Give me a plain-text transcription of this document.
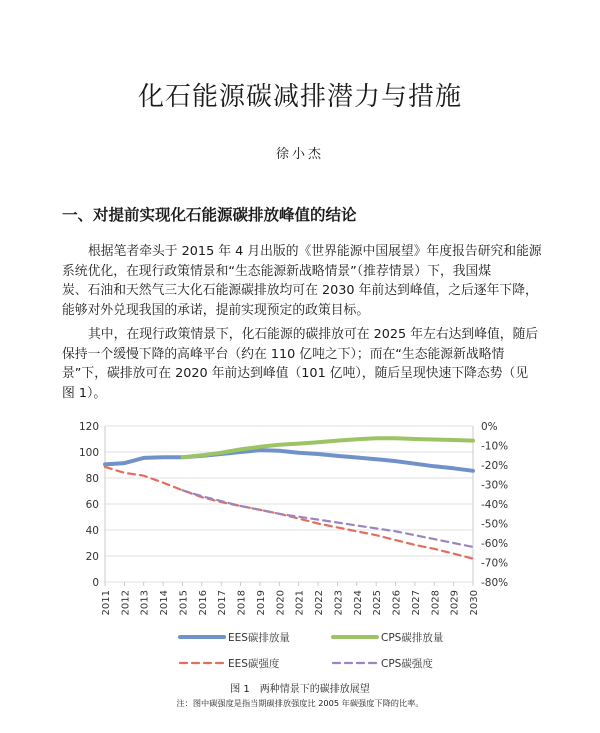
化石能源碳减排潜力与措施
徐小杰
一、对提前实现化石能源碳排放峰值的结论
根据笔者牵头于 2015 年 4 月出版的《世界能源中国展望》年度报告研究和能源
系统优化，在现行政策情景和“生态能源新战略情景”（推荐情景）下，我国煤
炭、石油和天然气三大化石能源碳排放均可在 2030 年前达到峰值，之后逐年下降，
能够对外兑现我国的承诺，提前实现预定的政策目标。
其中，在现行政策情景下，化石能源的碳排放可在 2025 年左右达到峰值，随后
保持一个缓慢下降的高峰平台（约在 110 亿吨之下）；而在“生态能源新战略情
景”下，碳排放可在 2020 年前达到峰值（101 亿吨），随后呈现快速下降态势（见
图 1）。
0
20
40
60
80
100
120	0%
-10%
-20%
-30%
-40%
-50%
-60%
-70%
-80%
2011 2012 2013 2014 2015 2016 2017 2018 2019 2020 2021 2022 2023 2024 2025 2026 2027 2028 2029 2030
EES碳排放量	CPS碳排放量
EES碳强度	CPS碳强度
图 1 两种情景下的碳排放展望
注：图中碳强度是指当期碳排放强度比 2005 年碳强度下降的比率。
